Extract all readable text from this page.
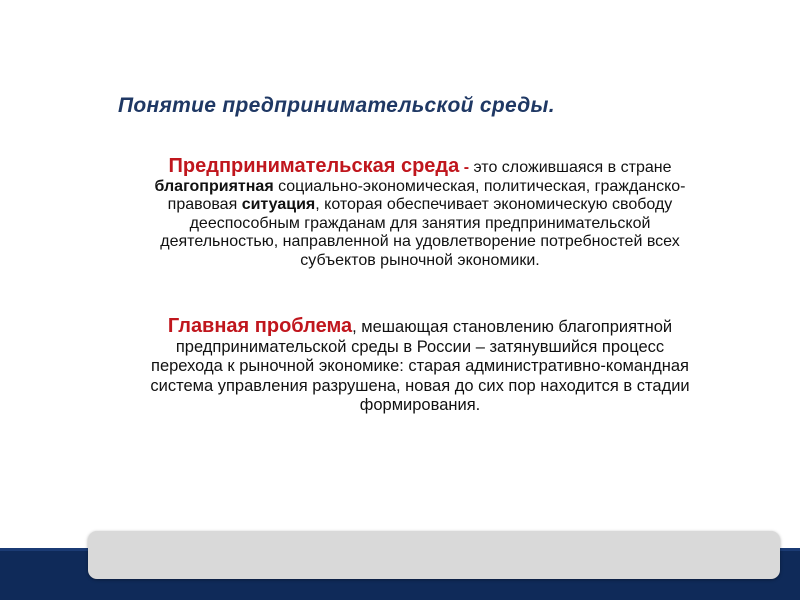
Понятие предпринимательской среды.
Предпринимательская среда - это сложившаяся в стране
благоприятная социально-экономическая, политическая, гражданско-
правовая ситуация, которая обеспечивает экономическую свободу
дееспособным гражданам для занятия предпринимательской
деятельностью, направленной на удовлетворение потребностей всех
субъектов рыночной экономики.
Главная проблема, мешающая становлению благоприятной
предпринимательской среды в России – затянувшийся процесс
перехода к рыночной экономике: старая административно-командная
система управления разрушена, новая до сих пор находится в стадии
формирования.
